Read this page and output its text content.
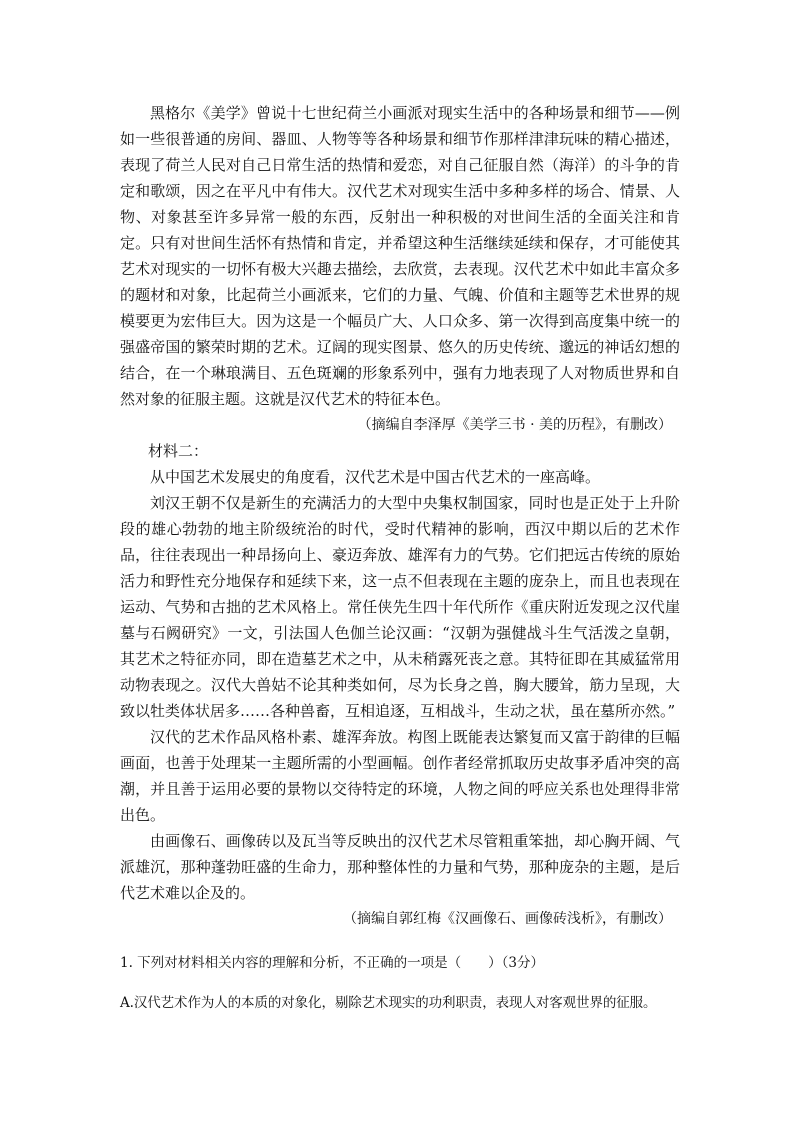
黑格尔《美学》曾说十七世纪荷兰小画派对现实生活中的各种场景和细节——例如一些很普通的房间、器皿、人物等等各种场景和细节作那样津津玩味的精心描述，表现了荷兰人民对自己日常生活的热情和爱恋，对自己征服自然（海洋）的斗争的肯定和歌颂，因之在平凡中有伟大。汉代艺术对现实生活中多种多样的场合、情景、人物、对象甚至许多异常一般的东西，反射出一种积极的对世间生活的全面关注和肯定。只有对世间生活怀有热情和肯定，并希望这种生活继续延续和保存，才可能使其艺术对现实的一切怀有极大兴趣去描绘，去欣赏，去表现。汉代艺术中如此丰富众多的题材和对象，比起荷兰小画派来，它们的力量、气魄、价值和主题等艺术世界的规模要更为宏伟巨大。因为这是一个幅员广大、人口众多、第一次得到高度集中统一的强盛帝国的繁荣时期的艺术。辽阔的现实图景、悠久的历史传统、邈远的神话幻想的结合，在一个琳琅满目、五色斑斓的形象系列中，强有力地表现了人对物质世界和自然对象的征服主题。这就是汉代艺术的特征本色。

（摘编自李泽厚《美学三书 · 美的历程》，有删改）

材料二：

从中国艺术发展史的角度看，汉代艺术是中国古代艺术的一座高峰。

刘汉王朝不仅是新生的充满活力的大型中央集权制国家，同时也是正处于上升阶段的雄心勃勃的地主阶级统治的时代，受时代精神的影响，西汉中期以后的艺术作品，往往表现出一种昂扬向上、豪迈奔放、雄浑有力的气势。它们把远古传统的原始活力和野性充分地保存和延续下来，这一点不但表现在主题的庞杂上，而且也表现在运动、气势和古拙的艺术风格上。常任侠先生四十年代所作《重庆附近发现之汉代崖墓与石阙研究》一文，引法国人色伽兰论汉画：“汉朝为强健战斗生气活泼之皇朝，其艺术之特征亦同，即在造墓艺术之中，从未稍露死丧之意。其特征即在其威猛常用动物表现之。汉代大兽姑不论其种类如何，尽为长身之兽，胸大腰耸，筋力呈现，大致以牡类体状居多……各种兽畜，互相追逐，互相战斗，生动之状，虽在墓所亦然。”

汉代的艺术作品风格朴素、雄浑奔放。构图上既能表达繁复而又富于韵律的巨幅画面，也善于处理某一主题所需的小型画幅。创作者经常抓取历史故事矛盾冲突的高潮，并且善于运用必要的景物以交待特定的环境，人物之间的呼应关系也处理得非常出色。

由画像石、画像砖以及瓦当等反映出的汉代艺术尽管粗重笨拙，却心胸开阔、气派雄沉，那种蓬勃旺盛的生命力，那种整体性的力量和气势，那种庞杂的主题，是后代艺术难以企及的。

（摘编自郭红梅《汉画像石、画像砖浅析》，有删改）

1. 下列对材料相关内容的理解和分析，不正确的一项是（　　）（3分）

A.汉代艺术作为人的本质的对象化，剔除艺术现实的功利职责，表现人对客观世界的征服。
